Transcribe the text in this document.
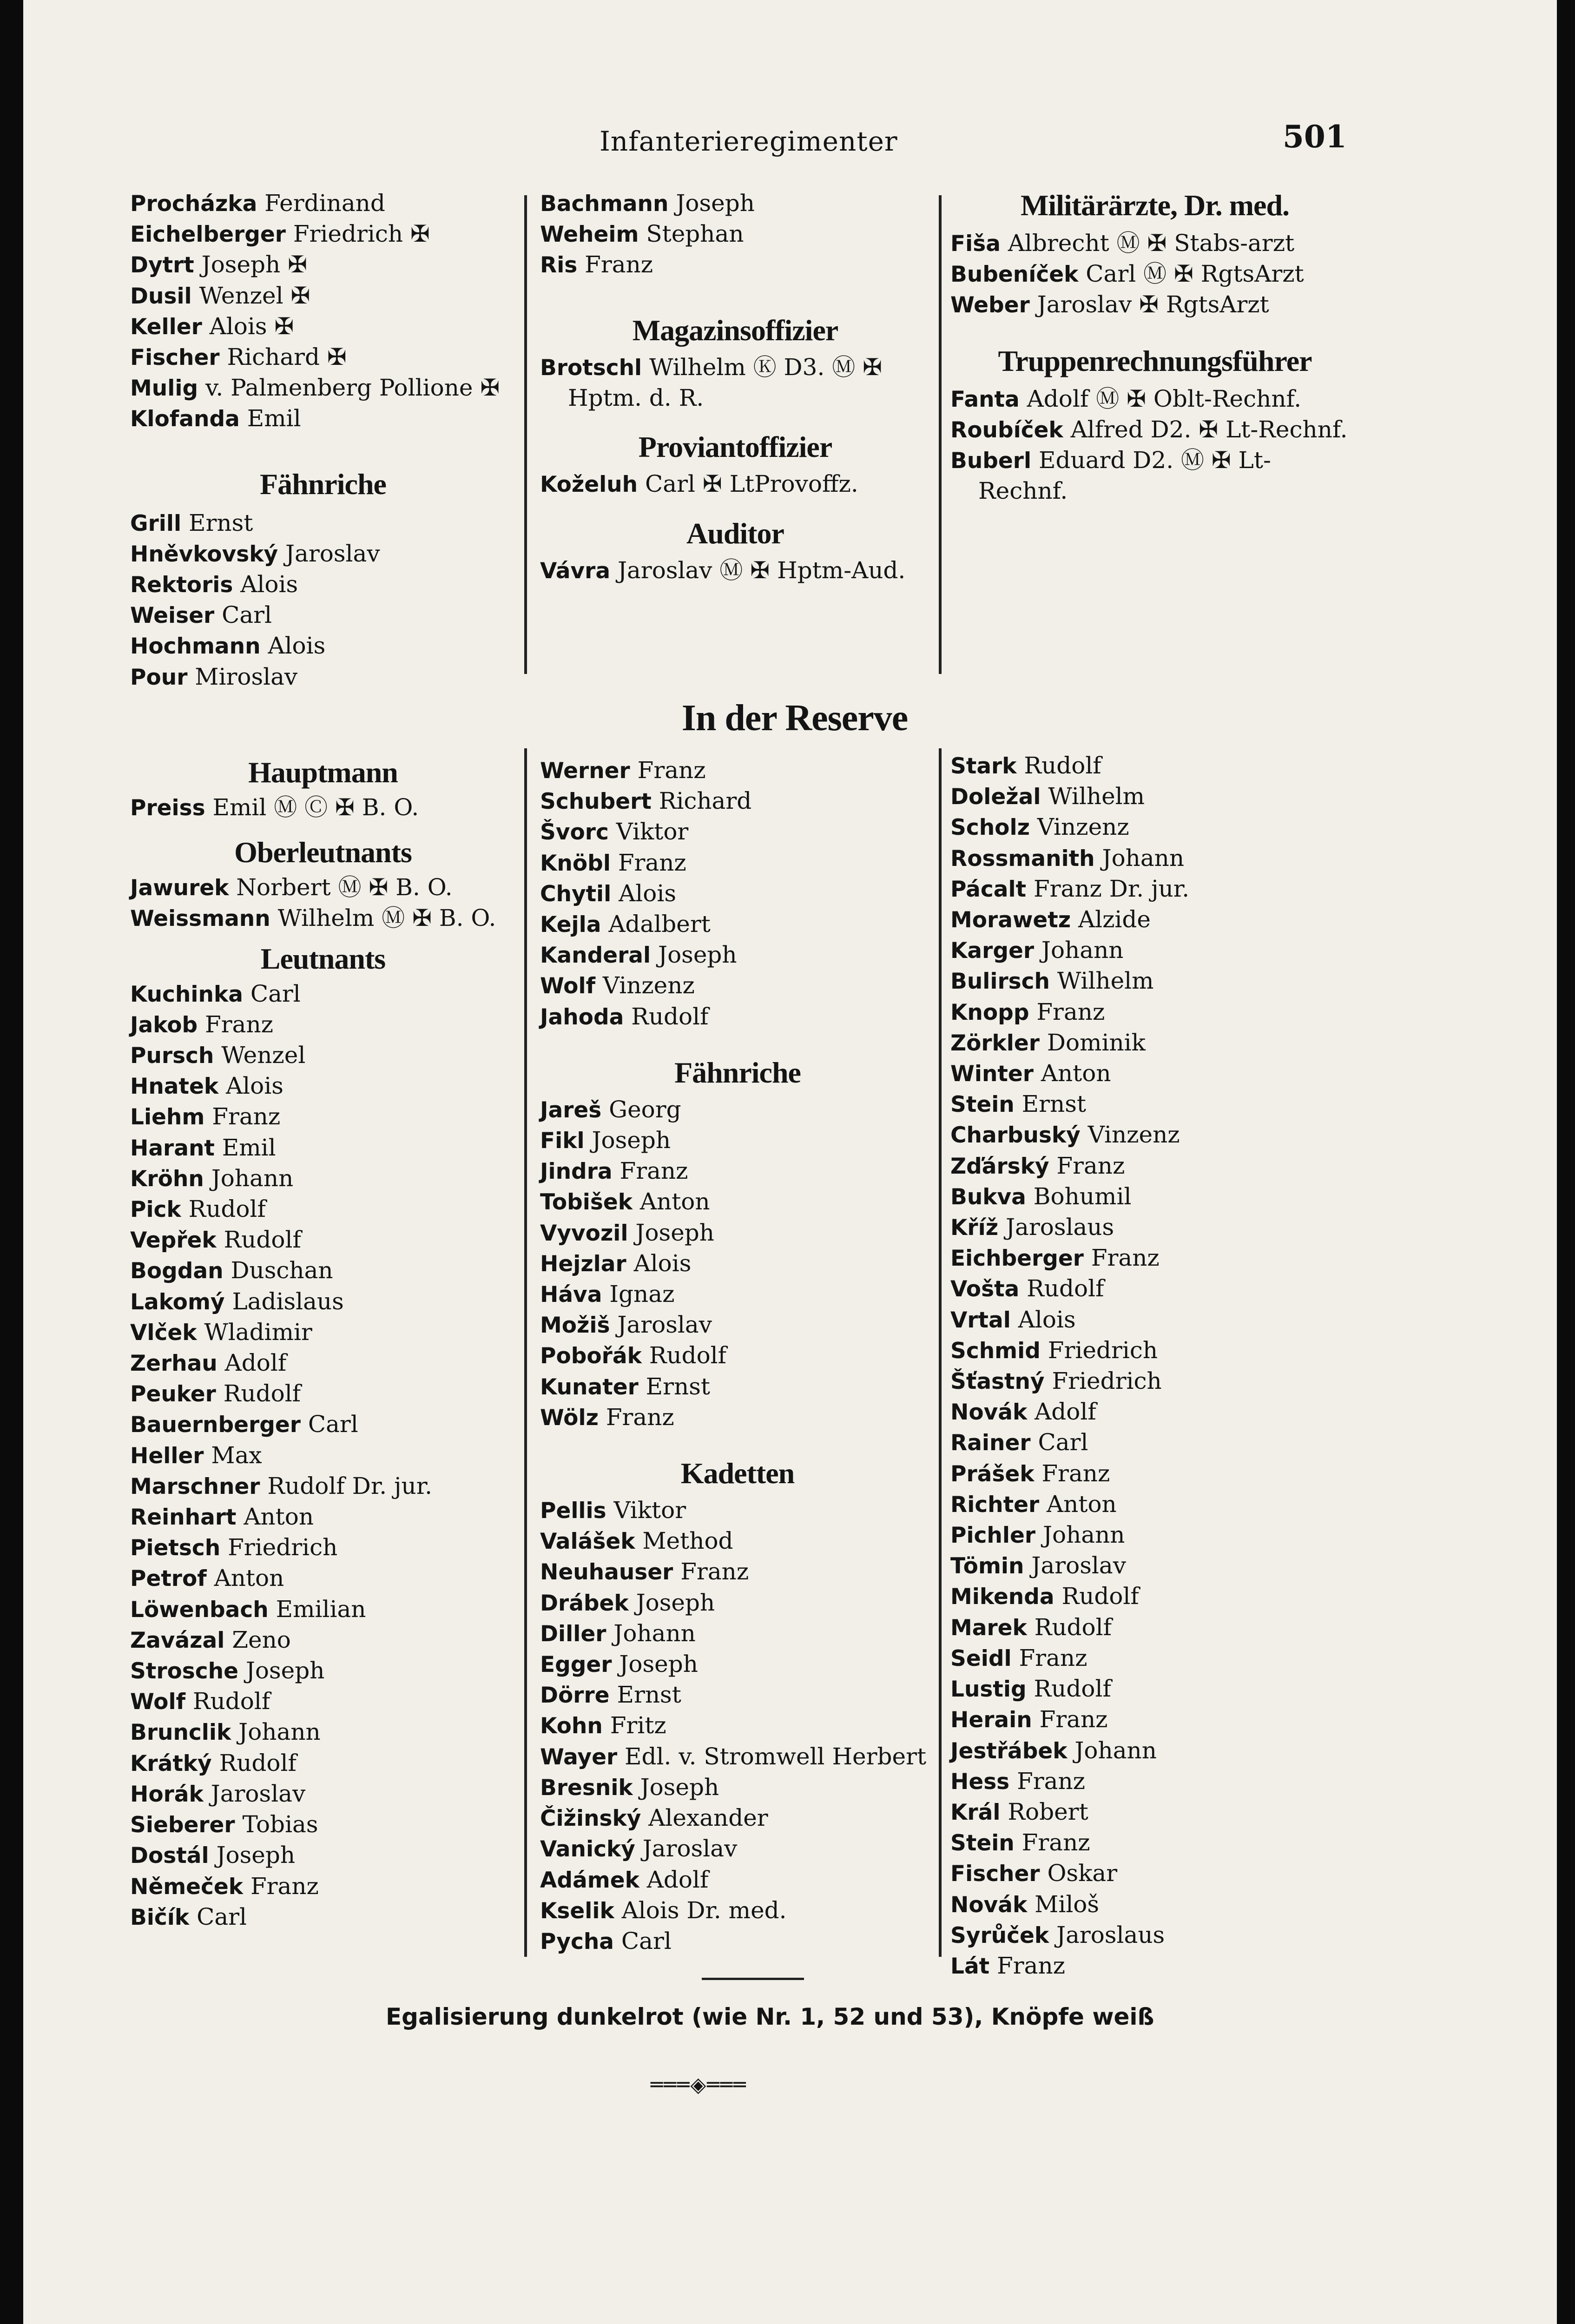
Infanterieregimenter	501
Procházka Ferdinand
Eichelberger Friedrich ✠
Dytrt Joseph ✠
Dusil Wenzel ✠
Keller Alois ✠
Fischer Richard ✠
Mulig v. Palmenberg Pollione ✠
Klofanda Emil
Fähnriche
Grill Ernst
Hněvkovský Jaroslav
Rektoris Alois
Weiser Carl
Hochmann Alois
Pour Miroslav
Bachmann Joseph
Weheim Stephan
Ris Franz
Magazinsoffizier
Brotschl Wilhelm Ⓚ D3. Ⓜ ✠ Hptm. d. R.
Proviantoffizier
Koželuh Carl ✠ LtProvoffz.
Auditor
Vávra Jaroslav Ⓜ ✠ Hptm-Aud.
Militärärzte, Dr. med.
Fiša Albrecht Ⓜ ✠ Stabs-arzt
Bubeníček Carl Ⓜ ✠ RgtsArzt
Weber Jaroslav ✠ RgtsArzt
Truppenrechnungsführer
Fanta Adolf Ⓜ ✠ Oblt-Rechnf.
Roubíček Alfred D2. ✠ Lt-Rechnf.
Buberl Eduard D2. Ⓜ ✠ Lt-Rechnf.
In der Reserve
Hauptmann
Preiss Emil Ⓜ Ⓒ ✠ B. O.
Oberleutnants
Jawurek Norbert Ⓜ ✠ B. O.
Weissmann Wilhelm Ⓜ ✠ B. O.
Leutnants
Kuchinka Carl
Jakob Franz
Pursch Wenzel
Hnatek Alois
Liehm Franz
Harant Emil
Kröhn Johann
Pick Rudolf
Vepřek Rudolf
Bogdan Duschan
Lakomý Ladislaus
Vlček Wladimir
Zerhau Adolf
Peuker Rudolf
Bauernberger Carl
Heller Max
Marschner Rudolf Dr. jur.
Reinhart Anton
Pietsch Friedrich
Petrof Anton
Löwenbach Emilian
Zavázal Zeno
Strosche Joseph
Wolf Rudolf
Brunclik Johann
Krátký Rudolf
Horák Jaroslav
Sieberer Tobias
Dostál Joseph
Němeček Franz
Bičík Carl
Werner Franz
Schubert Richard
Švorc Viktor
Knöbl Franz
Chytil Alois
Kejla Adalbert
Kanderal Joseph
Wolf Vinzenz
Jahoda Rudolf
Fähnriche
Jareš Georg
Fikl Joseph
Jindra Franz
Tobišek Anton
Vyvozil Joseph
Hejzlar Alois
Háva Ignaz
Možiš Jaroslav
Pobořák Rudolf
Kunater Ernst
Wölz Franz
Kadetten
Pellis Viktor
Valášek Method
Neuhauser Franz
Drábek Joseph
Diller Johann
Egger Joseph
Dörre Ernst
Kohn Fritz
Wayer Edl. v. Stromwell Herbert
Bresnik Joseph
Čižinský Alexander
Vanický Jaroslav
Adámek Adolf
Kselik Alois Dr. med.
Pycha Carl
Stark Rudolf
Doležal Wilhelm
Scholz Vinzenz
Rossmanith Johann
Pácalt Franz Dr. jur.
Morawetz Alzide
Karger Johann
Bulirsch Wilhelm
Knopp Franz
Zörkler Dominik
Winter Anton
Stein Ernst
Charbuský Vinzenz
Zďárský Franz
Bukva Bohumil
Kříž Jaroslaus
Eichberger Franz
Vošta Rudolf
Vrtal Alois
Schmid Friedrich
Šťastný Friedrich
Novák Adolf
Rainer Carl
Prášek Franz
Richter Anton
Pichler Johann
Tömin Jaroslav
Mikenda Rudolf
Marek Rudolf
Seidl Franz
Lustig Rudolf
Herain Franz
Jestřábek Johann
Hess Franz
Král Robert
Stein Franz
Fischer Oskar
Novák Miloš
Syrůček Jaroslaus
Lát Franz
Egalisierung dunkelrot (wie Nr. 1, 52 und 53), Knöpfe weiß
═══◈═══
